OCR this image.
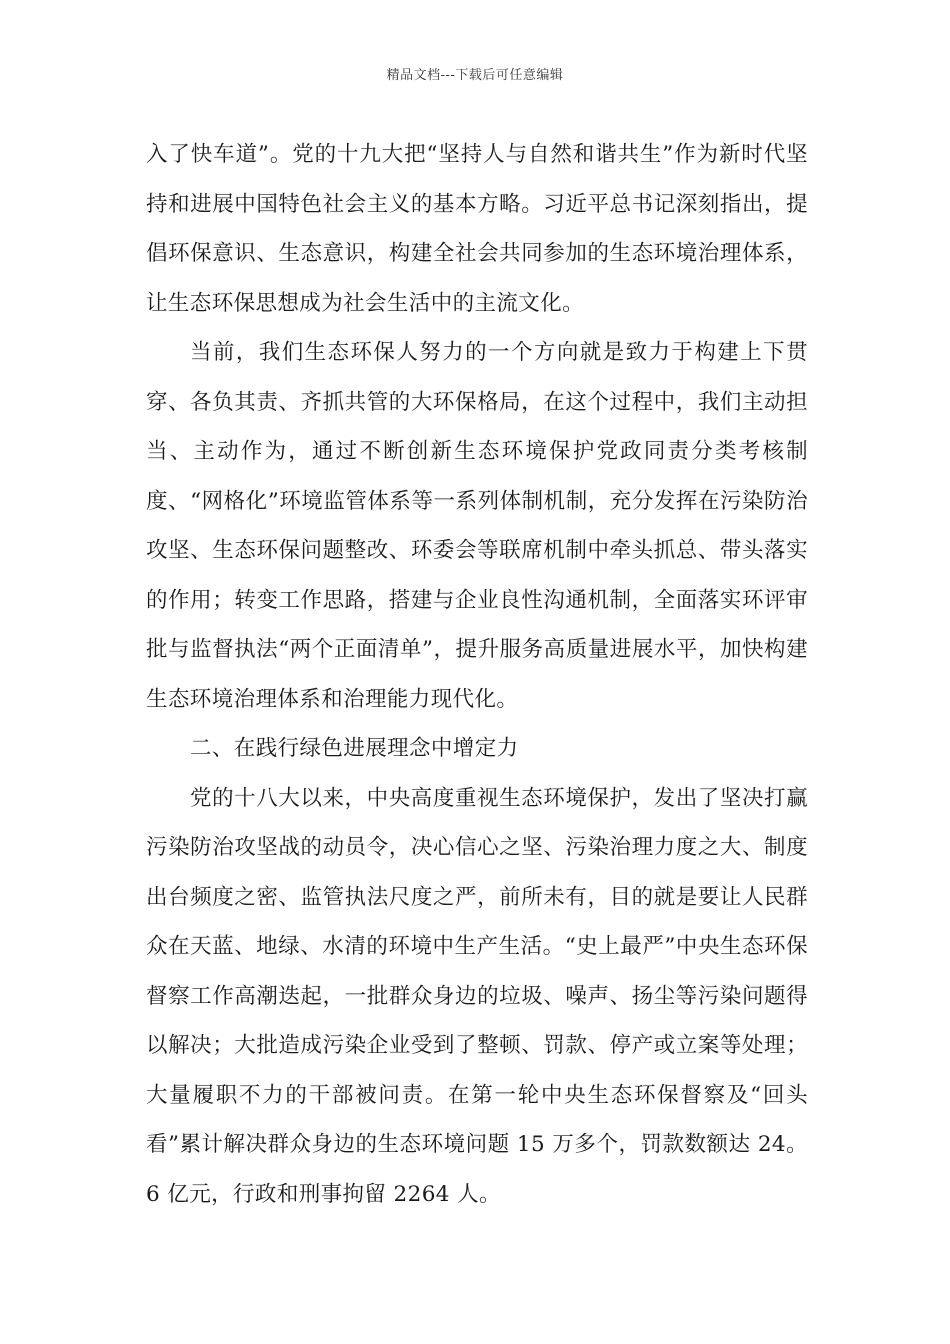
精品文档---下载后可任意编辑

入了快车道”。党的十九大把“坚持人与自然和谐共生”作为新时代坚持和进展中国特色社会主义的基本方略。习近平总书记深刻指出，提倡环保意识、生态意识，构建全社会共同参加的生态环境治理体系，让生态环保思想成为社会生活中的主流文化。

当前，我们生态环保人努力的一个方向就是致力于构建上下贯穿、各负其责、齐抓共管的大环保格局，在这个过程中，我们主动担当、主动作为，通过不断创新生态环境保护党政同责分类考核制度、“网格化”环境监管体系等一系列体制机制，充分发挥在污染防治攻坚、生态环保问题整改、环委会等联席机制中牵头抓总、带头落实的作用；转变工作思路，搭建与企业良性沟通机制，全面落实环评审批与监督执法“两个正面清单”，提升服务高质量进展水平，加快构建生态环境治理体系和治理能力现代化。

二、在践行绿色进展理念中增定力

党的十八大以来，中央高度重视生态环境保护，发出了坚决打赢污染防治攻坚战的动员令，决心信心之坚、污染治理力度之大、制度出台频度之密、监管执法尺度之严，前所未有，目的就是要让人民群众在天蓝、地绿、水清的环境中生产生活。“史上最严”中央生态环保督察工作高潮迭起，一批群众身边的垃圾、噪声、扬尘等污染问题得以解决；大批造成污染企业受到了整顿、罚款、停产或立案等处理；大量履职不力的干部被问责。在第一轮中央生态环保督察及“回头看”累计解决群众身边的生态环境问题 15 万多个，罚款数额达 24。6 亿元，行政和刑事拘留 2264 人。
